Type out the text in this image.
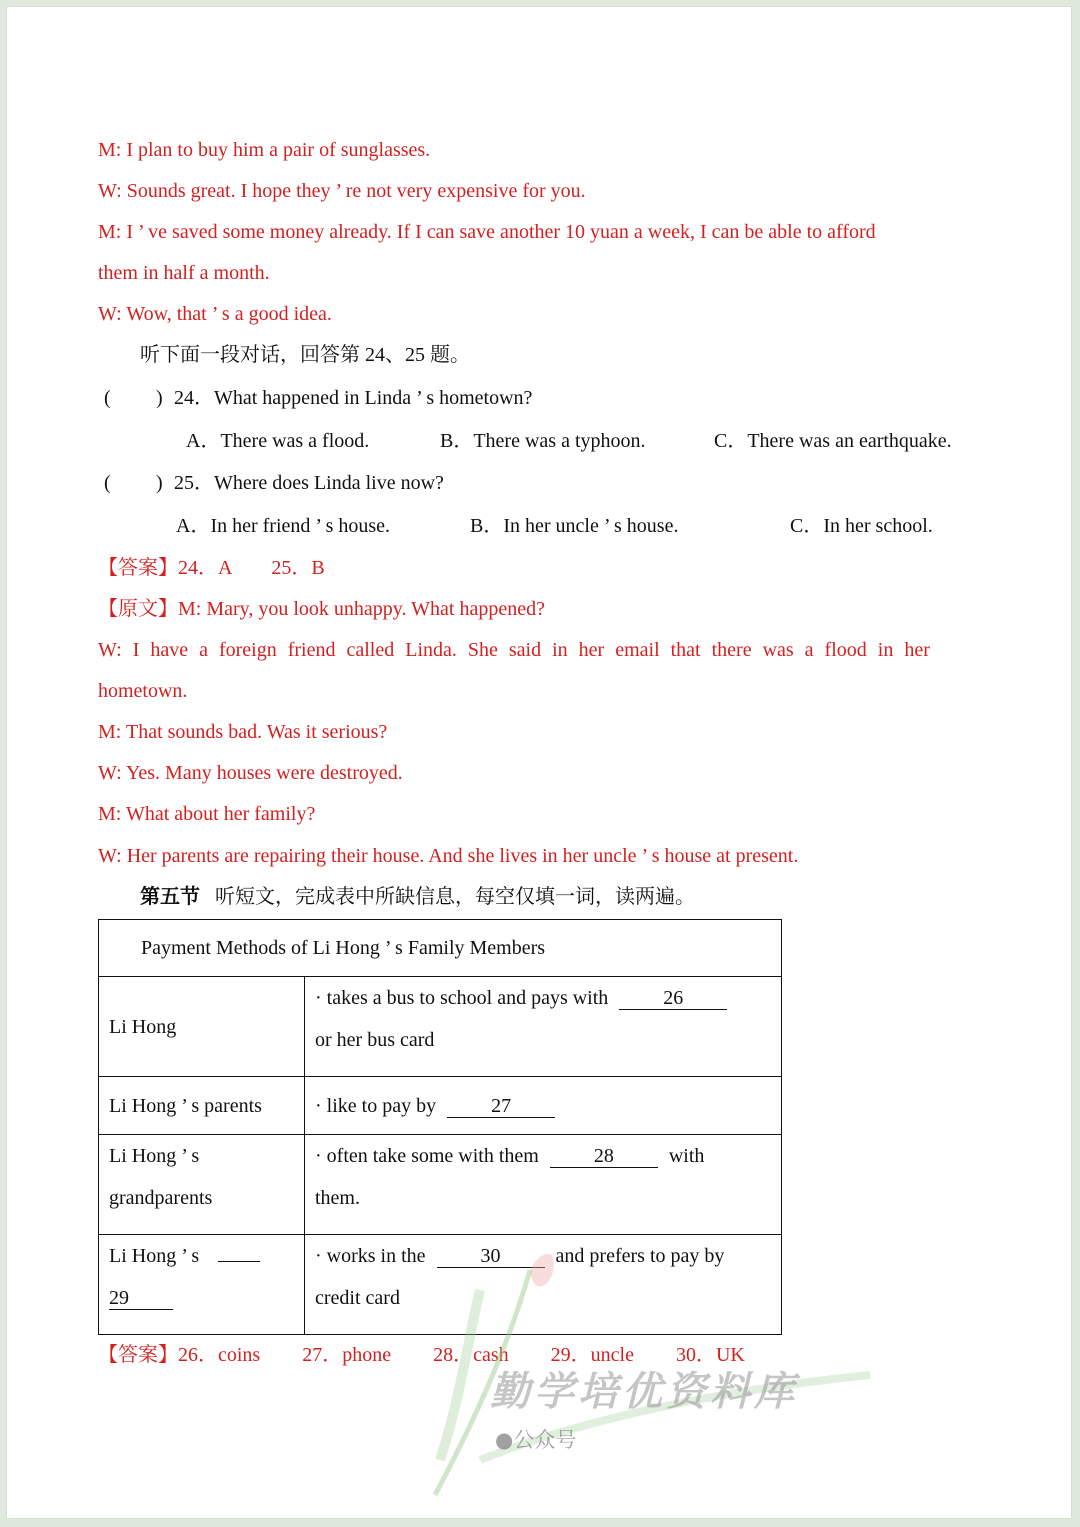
M: I plan to buy him a pair of sunglasses.
W: Sounds great. I hope they ’ re not very expensive for you.
M: I ’ ve saved some money already. If I can save another 10 yuan a week, I can be able to afford
them in half a month.
W: Wow, that ’ s a good idea.
听下面一段对话，回答第 24、25 题。
( ) 24．What happened in Linda ’ s hometown?
A．There was a flood.	B．There was a typhoon.	C．There was an earthquake.
( ) 25．Where does Linda live now?
A．In her friend ’ s house.	B．In her uncle ’ s house.	C．In her school.
【答案】24．A　　25．B
【原文】M: Mary, you look unhappy. What happened?
W: I have a foreign friend called Linda. She said in her email that there was a flood in her
hometown.
M: That sounds bad. Was it serious?
W: Yes. Many houses were destroyed.
M: What about her family?
W: Her parents are repairing their house. And she lives in her uncle ’ s house at present.
第五节 听短文，完成表中所缺信息，每空仅填一词，读两遍。
Payment Methods of Li Hong ’ s Family Members	
Li Hong	· takes a bus to school and pays with 26
or her bus card
Li Hong ’ s parents	· like to pay by 27
Li Hong ’ s
grandparents	· often take some with them 28 with
them.
Li Hong ’ s
29	· works in the 30 and prefers to pay by
credit card
【答案】26．coins 27．phone 28．cash 29．uncle 30．UK
勤学培优资料库
●公众号
